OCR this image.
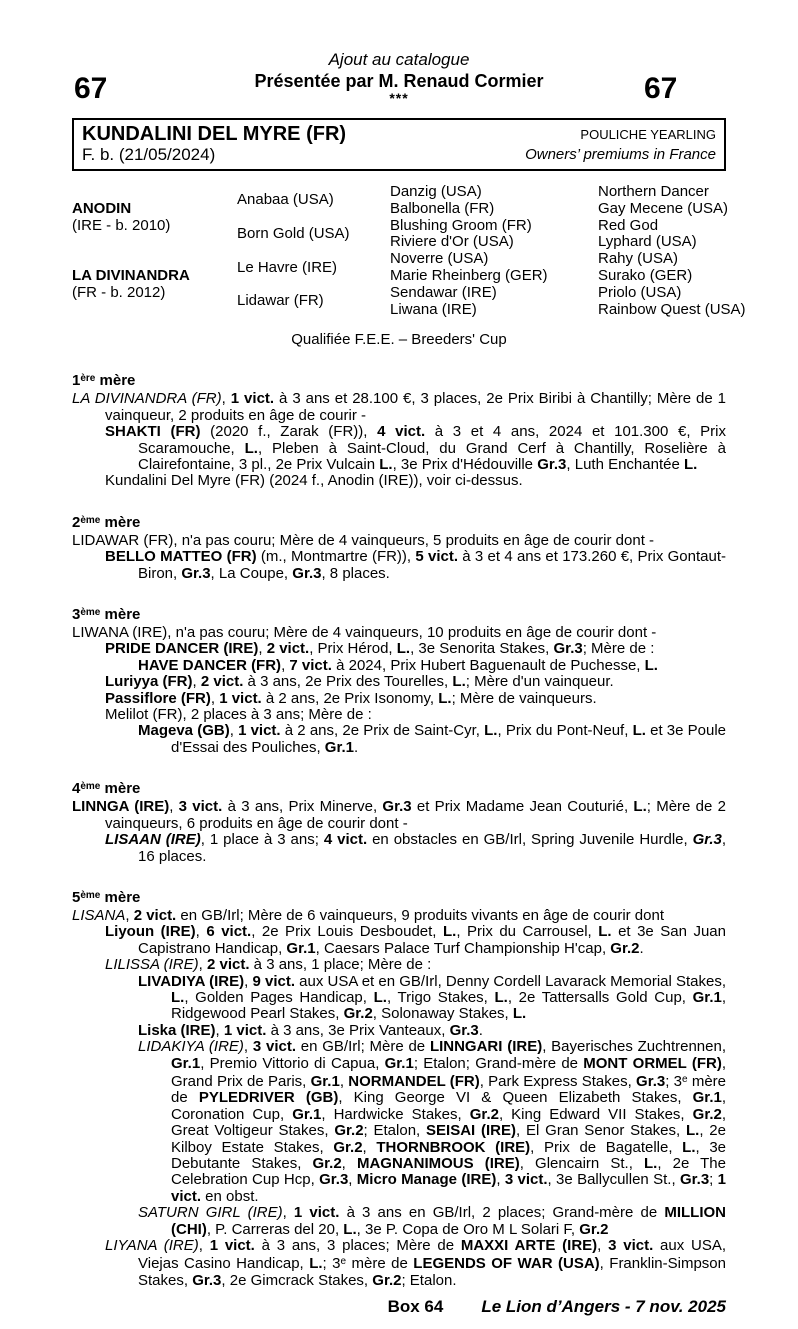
67	67
Ajout au catalogue
Présentée par M. Renaud Cormier
***
KUNDALINI DEL MYRE (FR)
F. b. (21/05/2024)
POULICHE YEARLING
Owners’ premiums in France
ANODIN
(IRE - b. 2010)
LA DIVINANDRA
(FR - b. 2012)
Anabaa (USA)
Born Gold (USA)
Le Havre (IRE)
Lidawar (FR)
Danzig (USA)
Balbonella (FR)
Blushing Groom (FR)
Riviere d'Or (USA)
Noverre (USA)
Marie Rheinberg (GER)
Sendawar (IRE)
Liwana (IRE)
Northern Dancer
Gay Mecene (USA)
Red God
Lyphard (USA)
Rahy (USA)
Surako (GER)
Priolo (USA)
Rainbow Quest (USA)
Qualifiée F.E.E. – Breeders' Cup
1ère mère
LA DIVINANDRA (FR), 1 vict. à 3 ans et 28.100 €, 3 places, 2e Prix Biribi à Chantilly; Mère de 1 vainqueur, 2 produits en âge de courir -
SHAKTI (FR) (2020 f., Zarak (FR)), 4 vict. à 3 et 4 ans, 2024 et 101.300 €, Prix Scaramouche, L., Pleben à Saint-Cloud, du Grand Cerf à Chantilly, Roselière à Clairefontaine, 3 pl., 2e Prix Vulcain L., 3e Prix d'Hédouville Gr.3, Luth Enchantée L.
Kundalini Del Myre (FR) (2024 f., Anodin (IRE)), voir ci-dessus.
2ème mère
LIDAWAR (FR), n'a pas couru; Mère de 4 vainqueurs, 5 produits en âge de courir dont -
BELLO MATTEO (FR) (m., Montmartre (FR)), 5 vict. à 3 et 4 ans et 173.260 €, Prix Gontaut-Biron, Gr.3, La Coupe, Gr.3, 8 places.
3ème mère
LIWANA (IRE), n'a pas couru; Mère de 4 vainqueurs, 10 produits en âge de courir dont -
PRIDE DANCER (IRE), 2 vict., Prix Hérod, L., 3e Senorita Stakes, Gr.3; Mère de :
HAVE DANCER (FR), 7 vict. à 2024, Prix Hubert Baguenault de Puchesse, L.
Luriyya (FR), 2 vict. à 3 ans, 2e Prix des Tourelles, L.; Mère d'un vainqueur.
Passiflore (FR), 1 vict. à 2 ans, 2e Prix Isonomy, L.; Mère de vainqueurs.
Melilot (FR), 2 places à 3 ans; Mère de :
Mageva (GB), 1 vict. à 2 ans, 2e Prix de Saint-Cyr, L., Prix du Pont-Neuf, L. et 3e Poule d'Essai des Pouliches, Gr.1.
4ème mère
LINNGA (IRE), 3 vict. à 3 ans, Prix Minerve, Gr.3 et Prix Madame Jean Couturié, L.; Mère de 2 vainqueurs, 6 produits en âge de courir dont -
LISAAN (IRE), 1 place à 3 ans; 4 vict. en obstacles en GB/Irl, Spring Juvenile Hurdle, Gr.3, 16 places.
5ème mère
LISANA, 2 vict. en GB/Irl; Mère de 6 vainqueurs, 9 produits vivants en âge de courir dont
Liyoun (IRE), 6 vict., 2e Prix Louis Desboudet, L., Prix du Carrousel, L. et 3e San Juan Capistrano Handicap, Gr.1, Caesars Palace Turf Championship H'cap, Gr.2.
LILISSA (IRE), 2 vict. à 3 ans, 1 place; Mère de :
LIVADIYA (IRE), 9 vict. aux USA et en GB/Irl, Denny Cordell Lavarack Memorial Stakes, L., Golden Pages Handicap, L., Trigo Stakes, L., 2e Tattersalls Gold Cup, Gr.1, Ridgewood Pearl Stakes, Gr.2, Solonaway Stakes, L.
Liska (IRE), 1 vict. à 3 ans, 3e Prix Vanteaux, Gr.3.
LIDAKIYA (IRE), 3 vict. en GB/Irl; Mère de LINNGARI (IRE), Bayerisches Zuchtrennen, Gr.1, Premio Vittorio di Capua, Gr.1; Etalon; Grand-mère de MONT ORMEL (FR), Grand Prix de Paris, Gr.1, NORMANDEL (FR), Park Express Stakes, Gr.3; 3e mère de PYLEDRIVER (GB), King George VI & Queen Elizabeth Stakes, Gr.1, Coronation Cup, Gr.1, Hardwicke Stakes, Gr.2, King Edward VII Stakes, Gr.2, Great Voltigeur Stakes, Gr.2; Etalon, SEISAI (IRE), El Gran Senor Stakes, L., 2e Kilboy Estate Stakes, Gr.2, THORNBROOK (IRE), Prix de Bagatelle, L., 3e Debutante Stakes, Gr.2, MAGNANIMOUS (IRE), Glencairn St., L., 2e The Celebration Cup Hcp, Gr.3, Micro Manage (IRE), 3 vict., 3e Ballycullen St., Gr.3; 1 vict. en obst.
SATURN GIRL (IRE), 1 vict. à 3 ans en GB/Irl, 2 places; Grand-mère de MILLION (CHI), P. Carreras del 20, L., 3e P. Copa de Oro M L Solari F, Gr.2
LIYANA (IRE), 1 vict. à 3 ans, 3 places; Mère de MAXXI ARTE (IRE), 3 vict. aux USA, Viejas Casino Handicap, L.; 3e mère de LEGENDS OF WAR (USA), Franklin-Simpson Stakes, Gr.3, 2e Gimcrack Stakes, Gr.2; Etalon.
Box 64 Le Lion d’Angers - 7 nov. 2025
